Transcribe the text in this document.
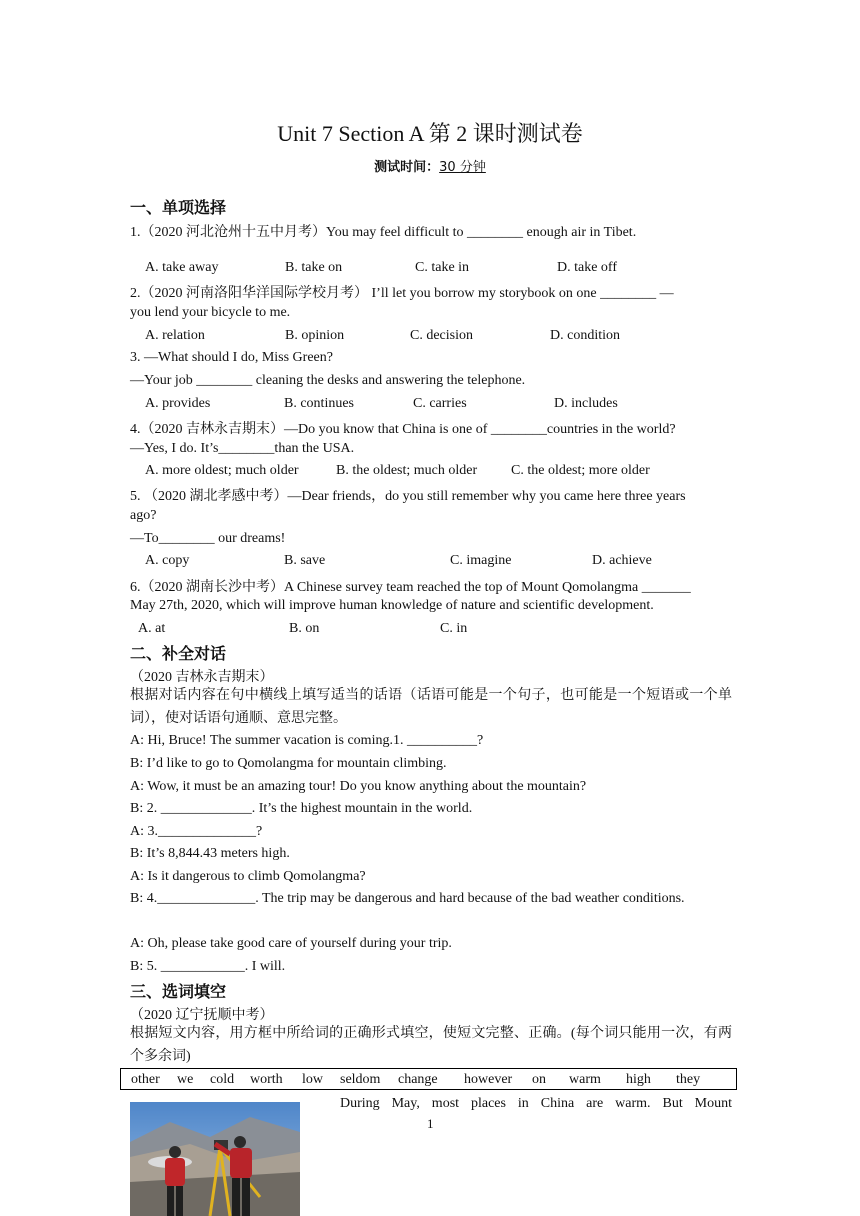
Unit 7 Section A 第 2 课时测试卷
测试时间：30 分钟
一、单项选择
1.（2020 河北沧州十五中月考）You may feel difficult to ________ enough air in Tibet.
A. take away	B. take on	C. take in	D. take off
2.（2020 河南洛阳华洋国际学校月考） I’ll let you borrow my storybook on one ________ —
you lend your bicycle to me.
A. relation	B. opinion	C. decision	D. condition
3. —What should I do, Miss Green?
—Your job ________ cleaning the desks and answering the telephone.
A. provides	B. continues	C. carries	D. includes
4.（2020 吉林永吉期末）—Do you know that China is one of ________countries in the world?
—Yes, I do. It’s________than the USA.
A. more oldest; much older	B. the oldest; much older C. the oldest; more older
5. （2020 湖北孝感中考）—Dear friends，do you still remember why you came here three years
ago?
—To________ our dreams!
A. copy	B. save	C. imagine	D. achieve
6.（2020 湖南长沙中考）A Chinese survey team reached the top of Mount Qomolangma _______
May 27th, 2020, which will improve human knowledge of nature and scientific development.
A. at	B. on	C. in
二、补全对话
（2020 吉林永吉期末）
根据对话内容在句中横线上填写适当的话语（话语可能是一个句子，也可能是一个短语或一个单词），使对话语句通顺、意思完整。
A: Hi, Bruce! The summer vacation is coming.1. __________?
B: I’d like to go to Qomolangma for mountain climbing.
A: Wow, it must be an amazing tour! Do you know anything about the mountain?
B: 2. _____________. It’s the highest mountain in the world.
A: 3.______________?
B: It’s 8,844.43 meters high.
A: Is it dangerous to climb Qomolangma?
B: 4.______________. The trip may be dangerous and hard because of the bad weather conditions.
A: Oh, please take good care of yourself during your trip.
B: 5. ____________. I will.
三、选词填空
（2020 辽宁抚顺中考）
根据短文内容，用方框中所给词的正确形式填空，使短文完整、正确。(每个词只能用一次，有两个多余词)
other we cold worth low seldom change however on warm high they
During May, most places in China are warm. But Mount
1
